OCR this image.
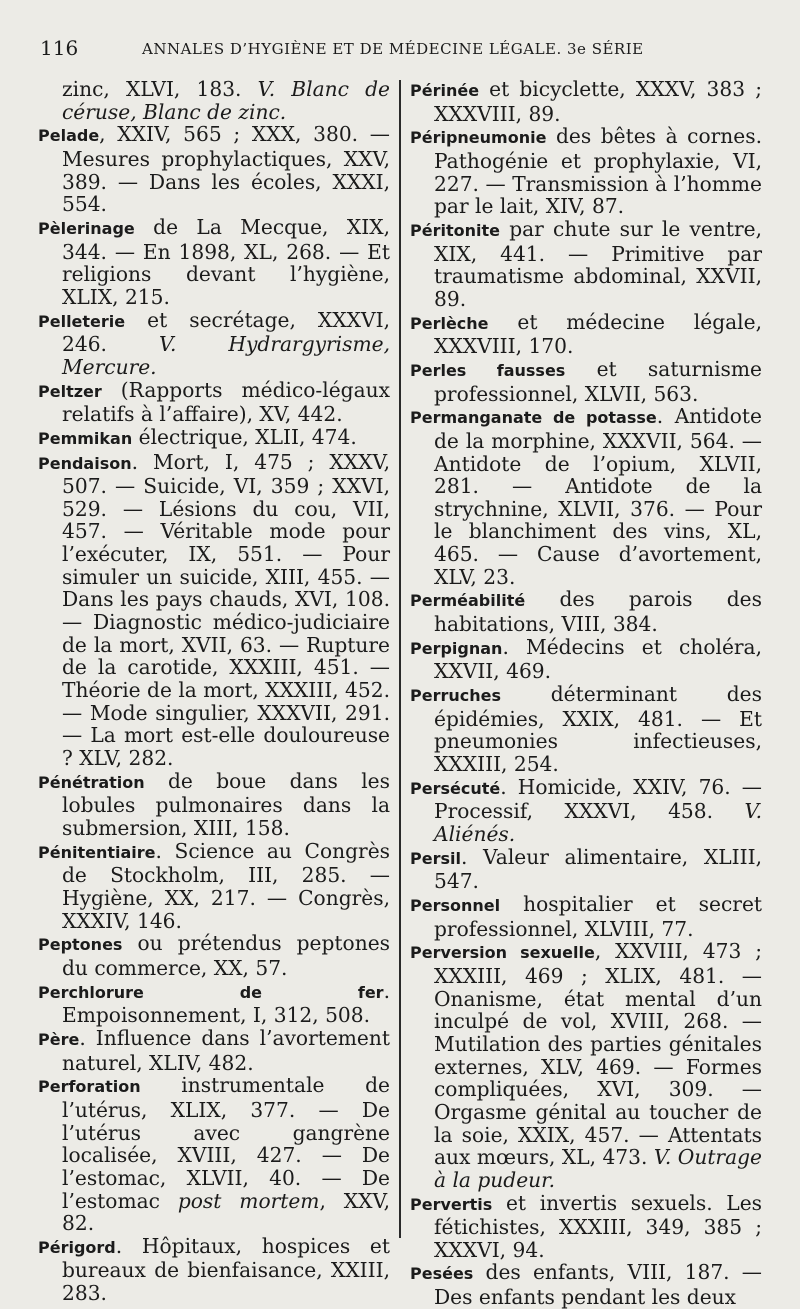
116	ANNALES D’HYGIÈNE ET DE MÉDECINE LÉGALE. 3e SÉRIE

zinc, XLVI, 183. V. Blanc de céruse, Blanc de zinc.

Pelade, XXIV, 565 ; XXX, 380. — Mesures prophylactiques, XXV, 389. — Dans les écoles, XXXI, 554.

Pèlerinage de La Mecque, XIX, 344. — En 1898, XL, 268. — Et religions devant l’hygiène, XLIX, 215.

Pelleterie et secrétage, XXXVI, 246. V. Hydrargyrisme, Mercure.

Peltzer (Rapports médico-légaux relatifs à l’affaire), XV, 442.

Pemmikan électrique, XLII, 474.

Pendaison. Mort, I, 475 ; XXXV, 507. — Suicide, VI, 359 ; XXVI, 529. — Lésions du cou, VII, 457. — Véritable mode pour l’exécuter, IX, 551. — Pour simuler un suicide, XIII, 455. — Dans les pays chauds, XVI, 108. — Diagnostic médico-judiciaire de la mort, XVII, 63. — Rupture de la carotide, XXXIII, 451. — Théorie de la mort, XXXIII, 452. — Mode singulier, XXXVII, 291. — La mort est-elle douloureuse ? XLV, 282.

Pénétration de boue dans les lobules pulmonaires dans la submersion, XIII, 158.

Pénitentiaire. Science au Congrès de Stockholm, III, 285. — Hygiène, XX, 217. — Congrès, XXXIV, 146.

Peptones ou prétendus peptones du commerce, XX, 57.

Perchlorure de fer. Empoisonnement, I, 312, 508.

Père. Influence dans l’avortement naturel, XLIV, 482.

Perforation instrumentale de l’utérus, XLIX, 377. — De l’utérus avec gangrène localisée, XVIII, 427. — De l’estomac, XLVII, 40. — De l’estomac post mortem, XXV, 82.

Périgord. Hôpitaux, hospices et bureaux de bienfaisance, XXIII, 283.

Périnée et bicyclette, XXXV, 383 ; XXXVIII, 89.

Péripneumonie des bêtes à cornes. Pathogénie et prophylaxie, VI, 227. — Transmission à l’homme par le lait, XIV, 87.

Péritonite par chute sur le ventre, XIX, 441. — Primitive par traumatisme abdominal, XXVII, 89.

Perlèche et médecine légale, XXXVIII, 170.

Perles fausses et saturnisme professionnel, XLVII, 563.

Permanganate de potasse. Antidote de la morphine, XXXVII, 564. — Antidote de l’opium, XLVII, 281. — Antidote de la strychnine, XLVII, 376. — Pour le blanchiment des vins, XL, 465. — Cause d’avortement, XLV, 23.

Perméabilité des parois des habitations, VIII, 384.

Perpignan. Médecins et choléra, XXVII, 469.

Perruches déterminant des épidémies, XXIX, 481. — Et pneumonies infectieuses, XXXIII, 254.

Persécuté. Homicide, XXIV, 76. — Processif, XXXVI, 458. V. Aliénés.

Persil. Valeur alimentaire, XLIII, 547.

Personnel hospitalier et secret professionnel, XLVIII, 77.

Perversion sexuelle, XXVIII, 473 ; XXXIII, 469 ; XLIX, 481. — Onanisme, état mental d’un inculpé de vol, XVIII, 268. — Mutilation des parties génitales externes, XLV, 469. — Formes compliquées, XVI, 309. — Orgasme génital au toucher de la soie, XXIX, 457. — Attentats aux mœurs, XL, 473. V. Outrage à la pudeur.

Pervertis et invertis sexuels. Les fétichistes, XXXIII, 349, 385 ; XXXVI, 94.

Pesées des enfants, VIII, 187. — Des enfants pendant les deux
